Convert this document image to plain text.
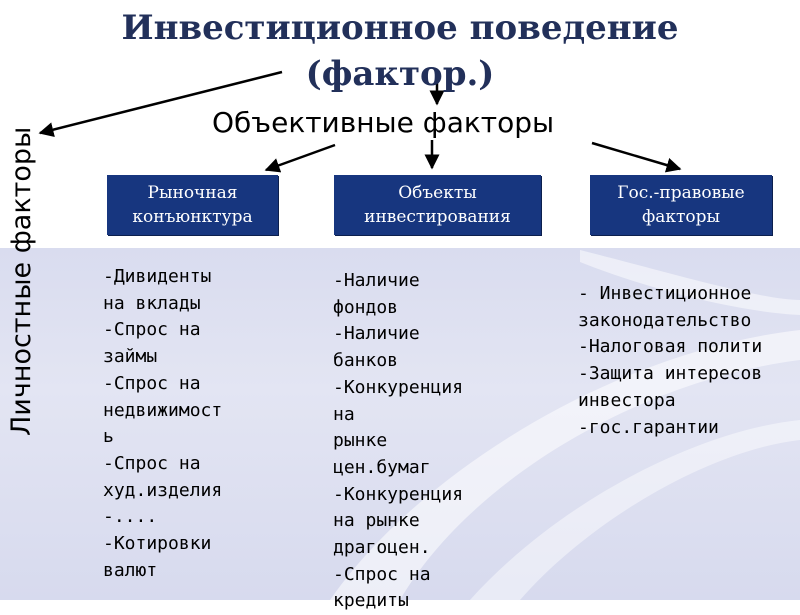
Инвестиционное поведение
(фактор.)
Объективные факторы
Личностные факторы	Рыночная
конъюнктура
Объекты
инвестирования
Гос.-правовые
факторы
-Дивиденты
на вклады
-Спрос на
займы
-Спрос на
недвижимост
ь
-Спрос на
худ.изделия
-....
-Котировки
валют
-Наличие
фондов
-Наличие
банков
-Конкуренция
на
рынке
цен.бумаг
-Конкуренция
на рынке
драгоцен.
-Спрос на
кредиты
- Инвестиционное
законодательство
-Налоговая полити
-Защита интересов
инвестора
-гос.гарантии
